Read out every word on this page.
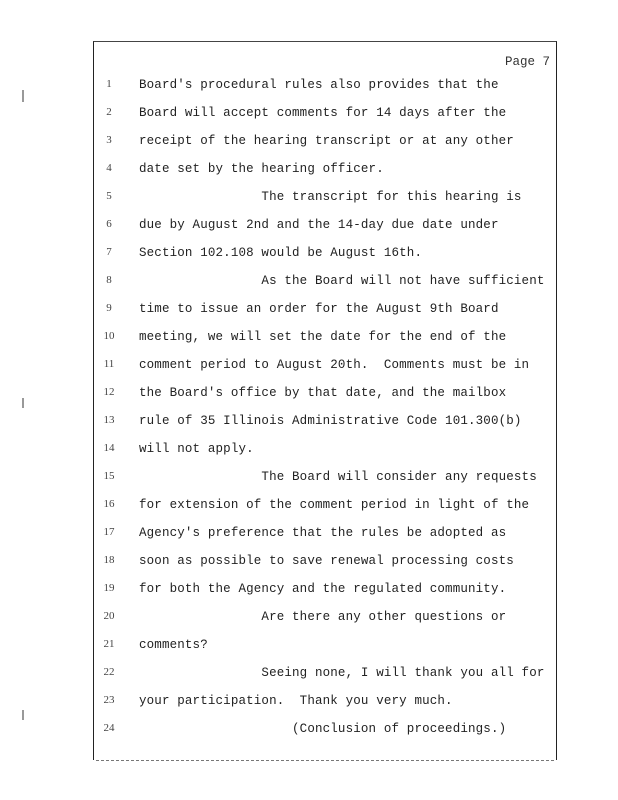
Page 7
1	Board's procedural rules also provides that the
2	Board will accept comments for 14 days after the
3	receipt of the hearing transcript or at any other
4	date set by the hearing officer.
5	The transcript for this hearing is
6	due by August 2nd and the 14-day due date under
7	Section 102.108 would be August 16th.
8	As the Board will not have sufficient
9	time to issue an order for the August 9th Board
10	meeting, we will set the date for the end of the
11	comment period to August 20th.  Comments must be in
12	the Board's office by that date, and the mailbox
13	rule of 35 Illinois Administrative Code 101.300(b)
14	will not apply.
15	The Board will consider any requests
16	for extension of the comment period in light of the
17	Agency's preference that the rules be adopted as
18	soon as possible to save renewal processing costs
19	for both the Agency and the regulated community.
20	Are there any other questions or
21	comments?
22	Seeing none, I will thank you all for
23	your participation.  Thank you very much.
24	(Conclusion of proceedings.)
